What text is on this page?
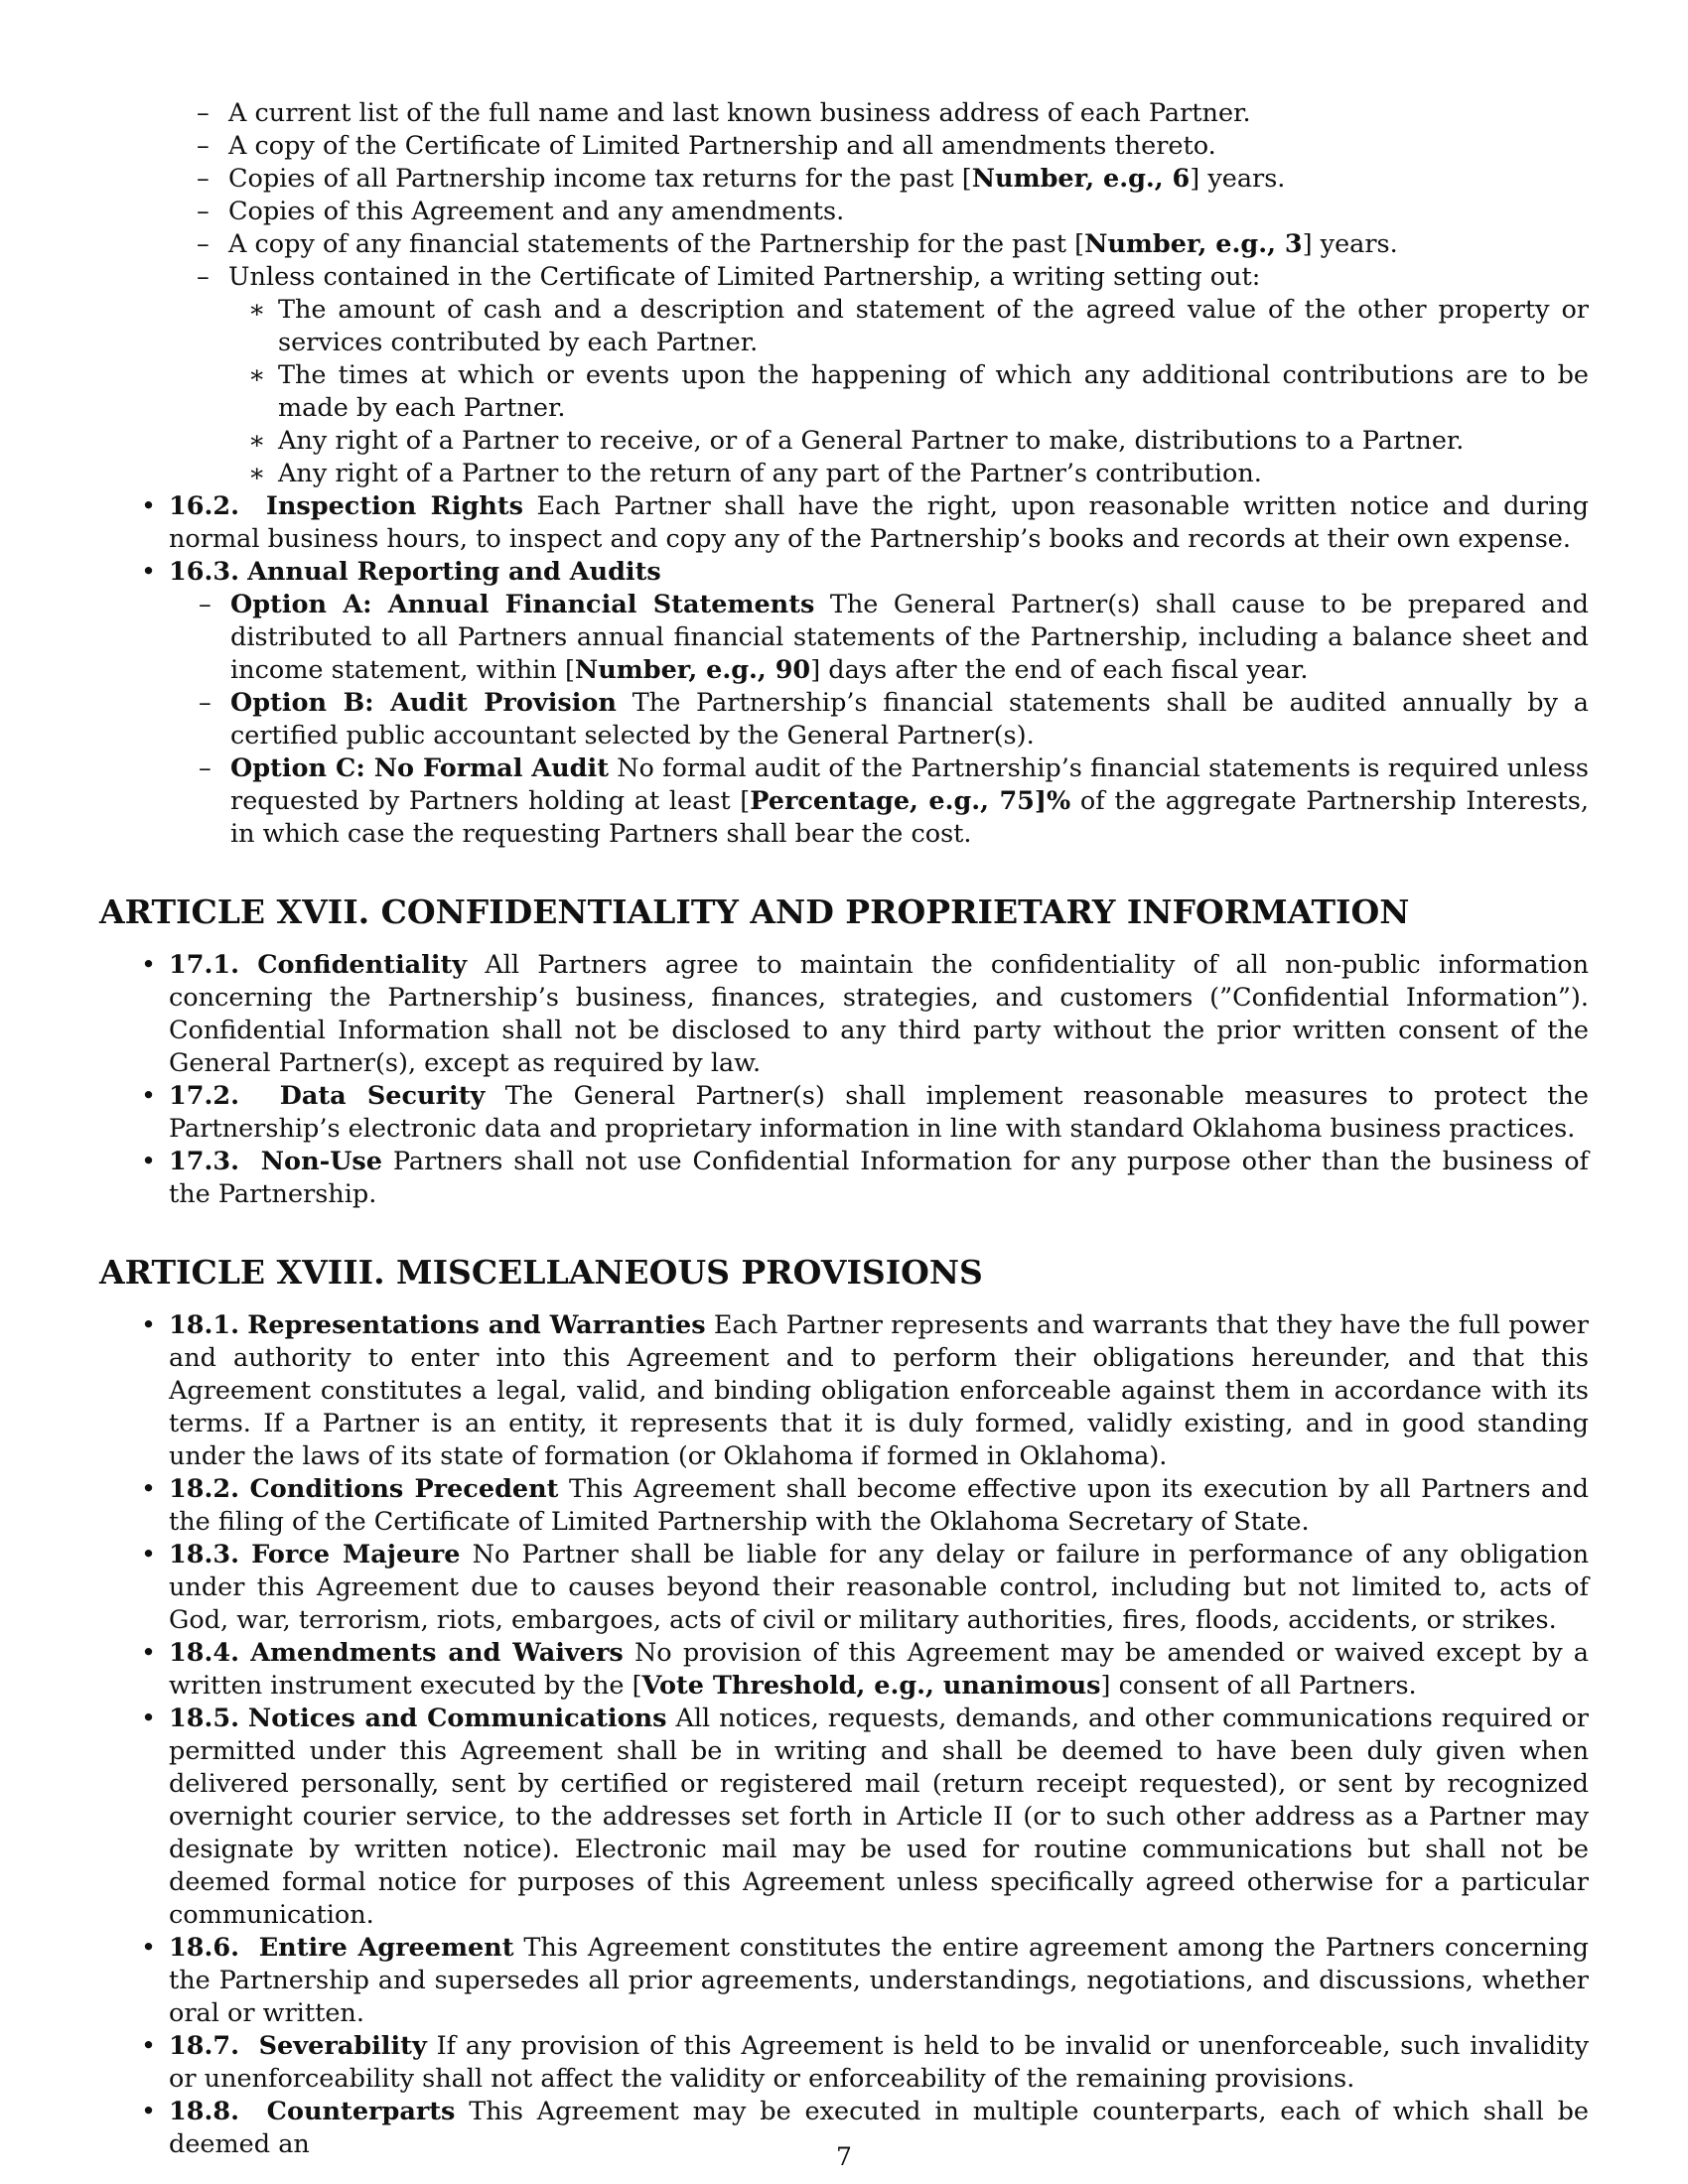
– A current list of the full name and last known business address of each Partner.
– A copy of the Certificate of Limited Partnership and all amendments thereto.
– Copies of all Partnership income tax returns for the past [Number, e.g., 6] years.
– Copies of this Agreement and any amendments.
– A copy of any financial statements of the Partnership for the past [Number, e.g., 3] years.
– Unless contained in the Certificate of Limited Partnership, a writing setting out:
∗ The amount of cash and a description and statement of the agreed value of the other property or services contributed by each Partner.
∗ The times at which or events upon the happening of which any additional contributions are to be made by each Partner.
∗ Any right of a Partner to receive, or of a General Partner to make, distributions to a Partner.
∗ Any right of a Partner to the return of any part of the Partner’s contribution.
• 16.2. Inspection Rights Each Partner shall have the right, upon reasonable written notice and during normal business hours, to inspect and copy any of the Partnership’s books and records at their own expense.
• 16.3. Annual Reporting and Audits
– Option A: Annual Financial Statements The General Partner(s) shall cause to be prepared and distributed to all Partners annual financial statements of the Partnership, including a balance sheet and income statement, within [Number, e.g., 90] days after the end of each fiscal year.
– Option B: Audit Provision The Partnership’s financial statements shall be audited annually by a certified public accountant selected by the General Partner(s).
– Option C: No Formal Audit No formal audit of the Partnership’s financial statements is required unless requested by Partners holding at least [Percentage, e.g., 75]% of the aggregate Partnership Interests, in which case the requesting Partners shall bear the cost.
ARTICLE XVII. CONFIDENTIALITY AND PROPRIETARY INFORMATION
• 17.1. Confidentiality All Partners agree to maintain the confidentiality of all non-public information concerning the Partnership’s business, finances, strategies, and customers (”Confidential Information”). Confidential Information shall not be disclosed to any third party without the prior written consent of the General Partner(s), except as required by law.
• 17.2. Data Security The General Partner(s) shall implement reasonable measures to protect the Partnership’s electronic data and proprietary information in line with standard Oklahoma business practices.
• 17.3. Non-Use Partners shall not use Confidential Information for any purpose other than the business of the Partnership.
ARTICLE XVIII. MISCELLANEOUS PROVISIONS
• 18.1. Representations and Warranties Each Partner represents and warrants that they have the full power and authority to enter into this Agreement and to perform their obligations hereunder, and that this Agreement constitutes a legal, valid, and binding obligation enforceable against them in accordance with its terms. If a Partner is an entity, it represents that it is duly formed, validly existing, and in good standing under the laws of its state of formation (or Oklahoma if formed in Oklahoma).
• 18.2. Conditions Precedent This Agreement shall become effective upon its execution by all Partners and the filing of the Certificate of Limited Partnership with the Oklahoma Secretary of State.
• 18.3. Force Majeure No Partner shall be liable for any delay or failure in performance of any obligation under this Agreement due to causes beyond their reasonable control, including but not limited to, acts of God, war, terrorism, riots, embargoes, acts of civil or military authorities, fires, floods, accidents, or strikes.
• 18.4. Amendments and Waivers No provision of this Agreement may be amended or waived except by a written instrument executed by the [Vote Threshold, e.g., unanimous] consent of all Partners.
• 18.5. Notices and Communications All notices, requests, demands, and other communications required or permitted under this Agreement shall be in writing and shall be deemed to have been duly given when delivered personally, sent by certified or registered mail (return receipt requested), or sent by recognized overnight courier service, to the addresses set forth in Article II (or to such other address as a Partner may designate by written notice). Electronic mail may be used for routine communications but shall not be deemed formal notice for purposes of this Agreement unless specifically agreed otherwise for a particular communication.
• 18.6. Entire Agreement This Agreement constitutes the entire agreement among the Partners concerning the Partnership and supersedes all prior agreements, understandings, negotiations, and discussions, whether oral or written.
• 18.7. Severability If any provision of this Agreement is held to be invalid or unenforceable, such invalidity or unenforceability shall not affect the validity or enforceability of the remaining provisions.
• 18.8. Counterparts This Agreement may be executed in multiple counterparts, each of which shall be deemed an	7
